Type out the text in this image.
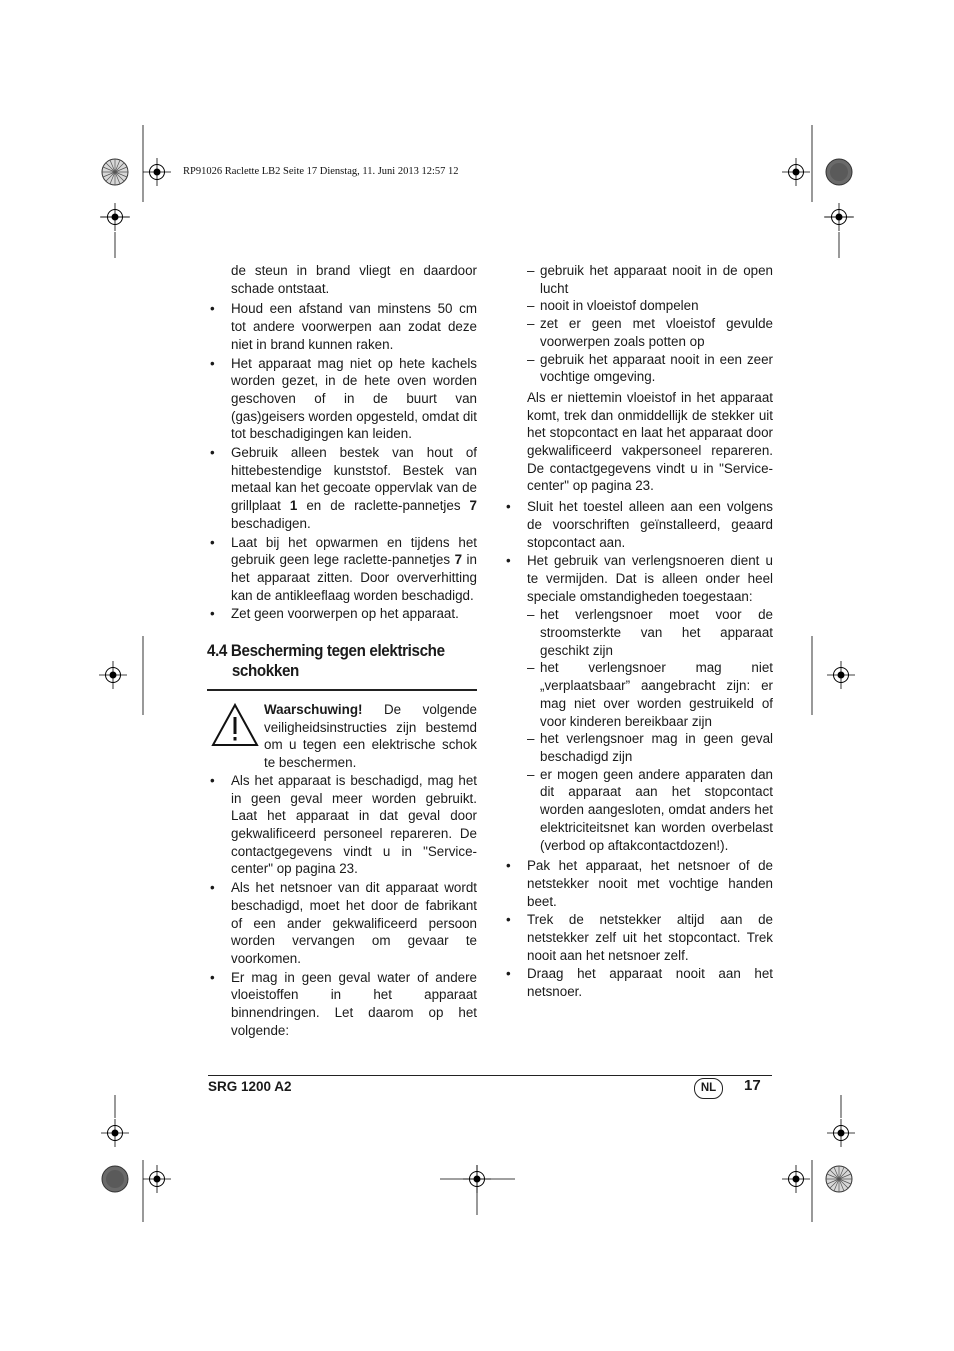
RP91026 Raclette LB2 Seite 17 Dienstag, 11. Juni 2013 12:57 12

de steun in brand vliegt en daardoor schade ontstaat.

• Houd een afstand van minstens 50 cm tot andere voorwerpen aan zodat deze niet in brand kunnen raken.

• Het apparaat mag niet op hete kachels worden gezet, in de hete oven worden geschoven of in de buurt van (gas)geisers worden opgesteld, omdat dit tot beschadigingen kan leiden.

• Gebruik alleen bestek van hout of hittebestendige kunststof. Bestek van metaal kan het gecoate oppervlak van de grillplaat 1 en de raclette-pannetjes 7 beschadigen.

• Laat bij het opwarmen en tijdens het gebruik geen lege raclette-pannetjes 7 in het apparaat zitten. Door oververhitting kan de antikleeflaag worden beschadigd.

• Zet geen voorwerpen op het apparaat.

4.4 Bescherming tegen elektrische
schokken

Waarschuwing! De volgende veiligheidsinstructies zijn bestemd om u tegen een elektrische schok te beschermen.

• Als het apparaat is beschadigd, mag het in geen geval meer worden gebruikt. Laat het apparaat in dat geval door gekwalificeerd personeel repareren. De contactgegevens vindt u in "Service-center" op pagina 23.

• Als het netsnoer van dit apparaat wordt beschadigd, moet het door de fabrikant of een ander gekwalificeerd persoon worden vervangen om gevaar te voorkomen.

• Er mag in geen geval water of andere vloeistoffen in het apparaat binnendringen. Let daarom op het volgende:

– gebruik het apparaat nooit in de open lucht

– nooit in vloeistof dompelen

– zet er geen met vloeistof gevulde voorwerpen zoals potten op

– gebruik het apparaat nooit in een zeer vochtige omgeving.

Als er niettemin vloeistof in het apparaat komt, trek dan onmiddellijk de stekker uit het stopcontact en laat het apparaat door gekwalificeerd vakpersoneel repareren. De contactgegevens vindt u in "Service-center" op pagina 23.

• Sluit het toestel alleen aan een volgens de voorschriften geïnstalleerd, geaard stopcontact aan.

• Het gebruik van verlengsnoeren dient u te vermijden. Dat is alleen onder heel speciale omstandigheden toegestaan:

– het verlengsnoer moet voor de stroomsterkte van het apparaat geschikt zijn

– het verlengsnoer mag niet „verplaatsbaar” aangebracht zijn: er mag niet over worden gestruikeld of voor kinderen bereikbaar zijn

– het verlengsnoer mag in geen geval beschadigd zijn

– er mogen geen andere apparaten dan dit apparaat aan het stopcontact worden aangesloten, omdat anders het elektriciteitsnet kan worden overbelast (verbod op aftakcontactdozen!).

• Pak het apparaat, het netsnoer of de netstekker nooit met vochtige handen beet.

• Trek de netstekker altijd aan de netstekker zelf uit het stopcontact. Trek nooit aan het netsnoer zelf.

• Draag het apparaat nooit aan het netsnoer.

SRG 1200 A2	NL	17
